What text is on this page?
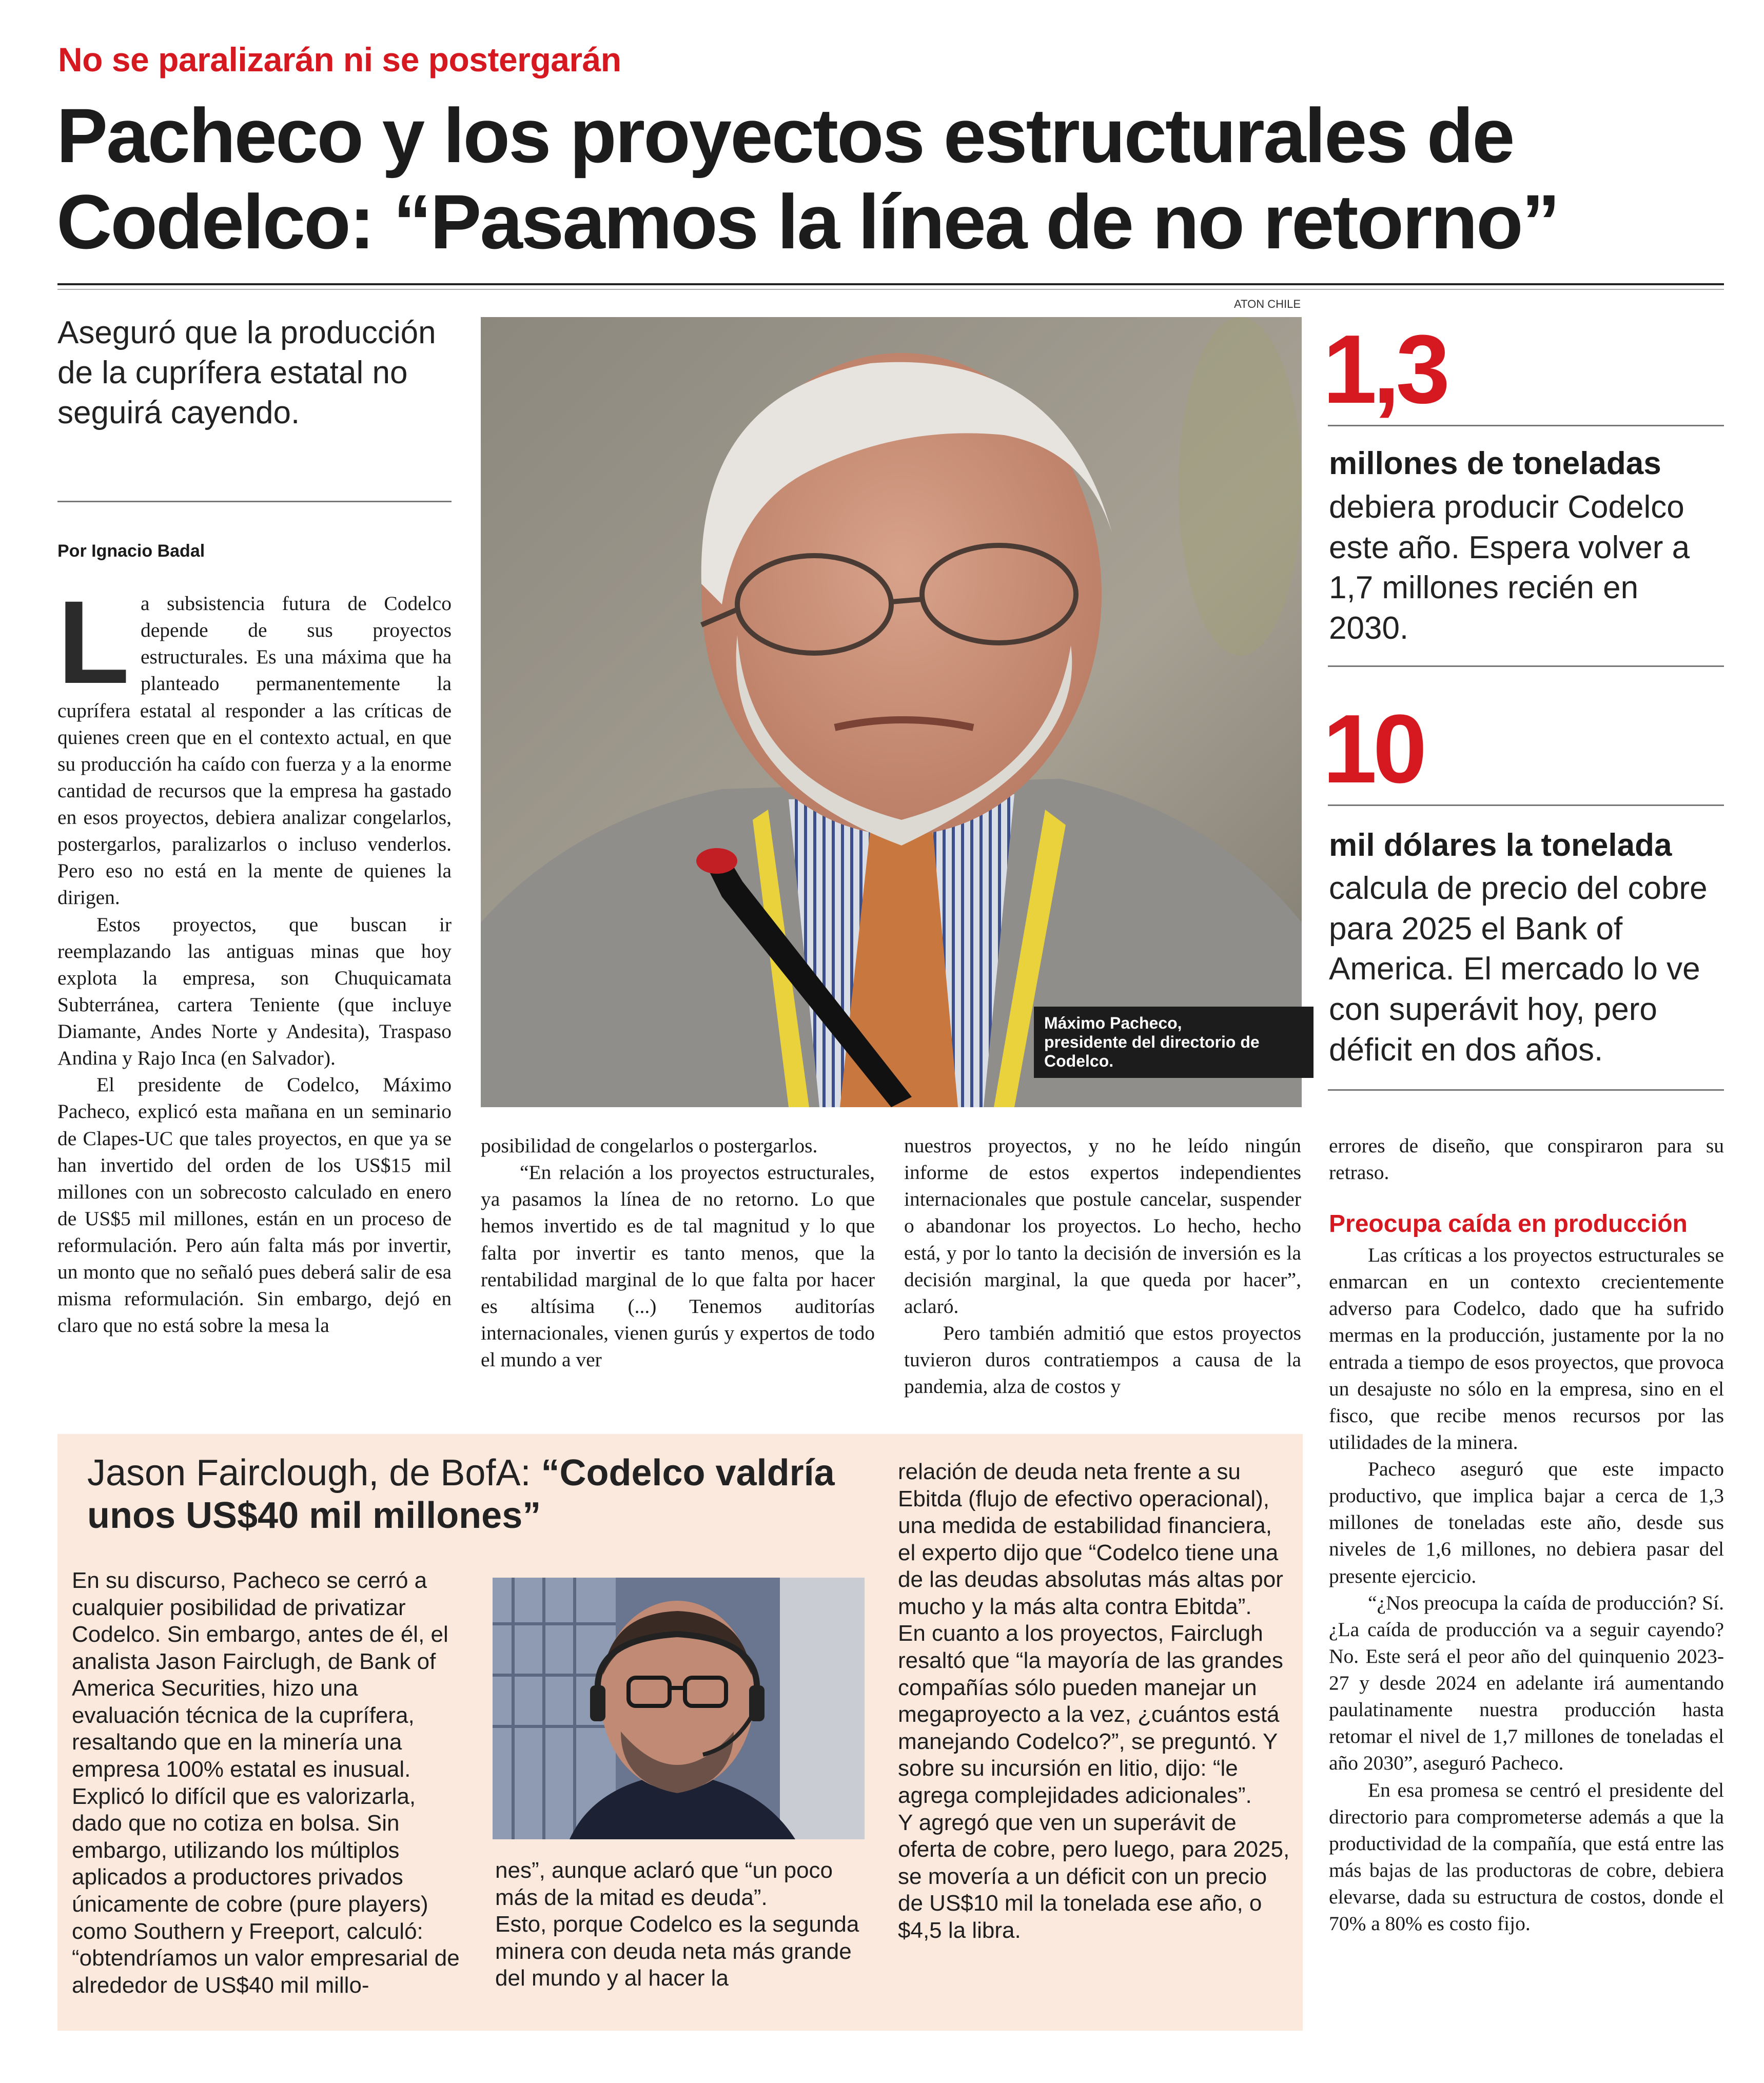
No se paralizarán ni se postergarán
Pacheco y los proyectos estructurales de Codelco: “Pasamos la línea de no retorno”
Aseguró que la producción de la cuprífera estatal no seguirá cayendo.
Por Ignacio Badal

La subsistencia futura de Codelco depende de sus proyectos estructurales. Es una máxima que ha planteado permanentemente la cuprífera estatal al responder a las críticas de quienes creen que en el contexto actual, en que su producción ha caído con fuerza y a la enorme cantidad de recursos que la empresa ha gastado en esos proyectos, debiera analizar congelarlos, postergarlos, paralizarlos o incluso venderlos. Pero eso no está en la mente de quienes la dirigen.

Estos proyectos, que buscan ir reemplazando las antiguas minas que hoy explota la empresa, son Chuquicamata Subterránea, cartera Teniente (que incluye Diamante, Andes Norte y Andesita), Traspaso Andina y Rajo Inca (en Salvador).

El presidente de Codelco, Máximo Pacheco, explicó esta mañana en un seminario de Clapes-UC que tales proyectos, en que ya se han invertido del orden de los US$15 mil millones con un sobrecosto calculado en enero de US$5 mil millones, están en un proceso de reformulación. Pero aún falta más por invertir, un monto que no señaló pues deberá salir de esa misma reformulación. Sin embargo, dejó en claro que no está sobre la mesa la

ATON CHILE
Máximo Pacheco,
presidente del directorio de Codelco.

posibilidad de congelarlos o postergarlos.

“En relación a los proyectos estructurales, ya pasamos la línea de no retorno. Lo que hemos invertido es de tal magnitud y lo que falta por invertir es tanto menos, que la rentabilidad marginal de lo que falta por hacer es altísima (...) Tenemos auditorías internacionales, vienen gurús y expertos de todo el mundo a ver

nuestros proyectos, y no he leído ningún informe de estos expertos independientes internacionales que postule cancelar, suspender o abandonar los proyectos. Lo hecho, hecho está, y por lo tanto la decisión de inversión es la decisión marginal, la que queda por hacer”, aclaró.

Pero también admitió que estos proyectos tuvieron duros contratiempos a causa de la pandemia, alza de costos y

1,3
millones de toneladas
debiera producir Codelco este año. Espera volver a 1,7 millones recién en 2030.
10
mil dólares la tonelada
calcula de precio del cobre para 2025 el Bank of America. El mercado lo ve con superávit hoy, pero déficit en dos años.

errores de diseño, que conspiraron para su retraso.

Preocupa caída en producción

Las críticas a los proyectos estructurales se enmarcan en un contexto crecientemente adverso para Codelco, dado que ha sufrido mermas en la producción, justamente por la no entrada a tiempo de esos proyectos, que provoca un desajuste no sólo en la empresa, sino en el fisco, que recibe menos recursos por las utilidades de la minera.

Pacheco aseguró que este impacto productivo, que implica bajar a cerca de 1,3 millones de toneladas este año, desde sus niveles de 1,6 millones, no debiera pasar del presente ejercicio.

“¿Nos preocupa la caída de producción? Sí. ¿La caída de producción va a seguir cayendo? No. Este será el peor año del quinquenio 2023-27 y desde 2024 en adelante irá aumentando paulatinamente nuestra producción hasta retomar el nivel de 1,7 millones de toneladas el año 2030”, aseguró Pacheco.

En esa promesa se centró el presidente del directorio para comprometerse además a que la productividad de la compañía, que está entre las más bajas de las productoras de cobre, debiera elevarse, dada su estructura de costos, donde el 70% a 80% es costo fijo.

Jason Fairclough, de BofA: “Codelco valdría unos US$40 mil millones”

En su discurso, Pacheco se cerró a cualquier posibilidad de privatizar Codelco. Sin embargo, antes de él, el analista Jason Fairclugh, de Bank of America Securities, hizo una evaluación técnica de la cuprífera, resaltando que en la minería una empresa 100% estatal es inusual. Explicó lo difícil que es valorizarla, dado que no cotiza en bolsa. Sin embargo, utilizando los múltiplos aplicados a productores privados únicamente de cobre (pure players) como Southern y Freeport, calculó: “obtendríamos un valor empresarial de alrededor de US$40 mil millo-

nes”, aunque aclaró que “un poco más de la mitad es deuda”.

Esto, porque Codelco es la segunda minera con deuda neta más grande del mundo y al hacer la

relación de deuda neta frente a su Ebitda (flujo de efectivo operacional), una medida de estabilidad financiera, el experto dijo que “Codelco tiene una de las deudas absolutas más altas por mucho y la más alta contra Ebitda”.

En cuanto a los proyectos, Fairclugh resaltó que “la mayoría de las grandes compañías sólo pueden manejar un megaproyecto a la vez, ¿cuántos está manejando Codelco?”, se preguntó. Y sobre su incursión en litio, dijo: “le agrega complejidades adicionales”.

Y agregó que ven un superávit de oferta de cobre, pero luego, para 2025, se movería a un déficit con un precio de US$10 mil la tonelada ese año, o $4,5 la libra.
